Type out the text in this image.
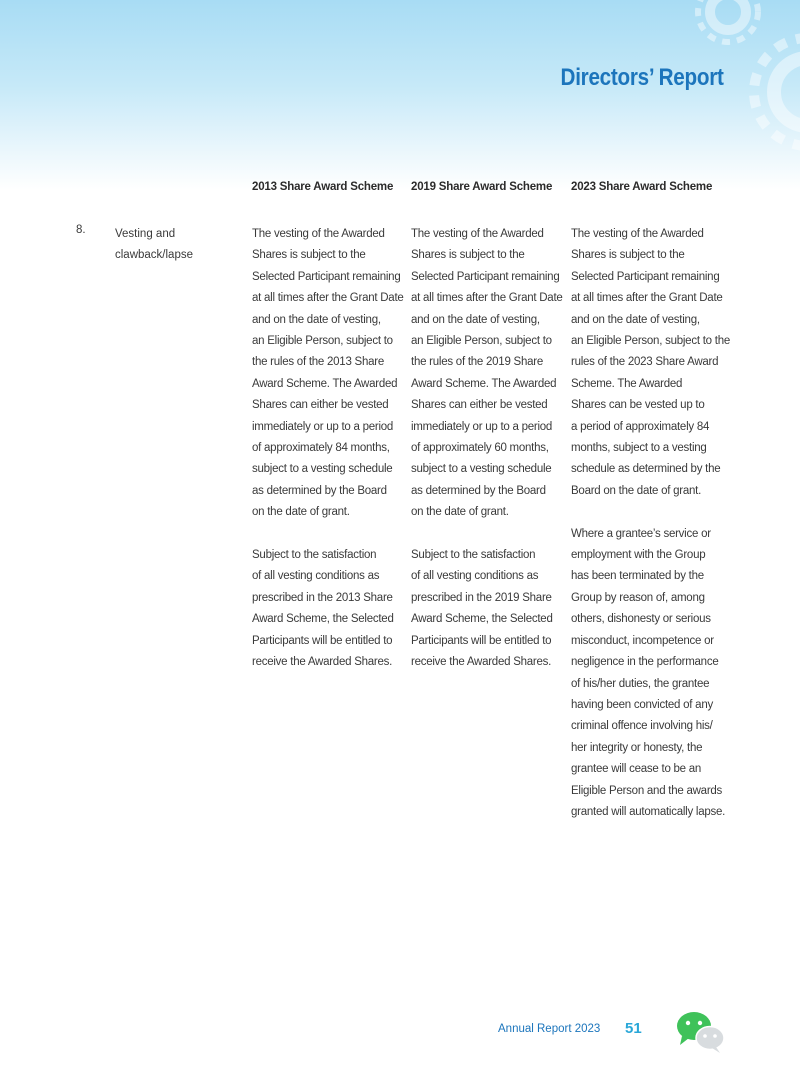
Directors’ Report
2013 Share Award Scheme 2019 Share Award Scheme 2023 Share Award Scheme
8.	Vesting and
clawback/lapse
The vesting of the Awarded
Shares is subject to the
Selected Participant remaining
at all times after the Grant Date
and on the date of vesting,
an Eligible Person, subject to
the rules of the 2013 Share
Award Scheme. The Awarded
Shares can either be vested
immediately or up to a period
of approximately 84 months,
subject to a vesting schedule
as determined by the Board
on the date of grant.
Subject to the satisfaction
of all vesting conditions as
prescribed in the 2013 Share
Award Scheme, the Selected
Participants will be entitled to
receive the Awarded Shares.
The vesting of the Awarded
Shares is subject to the
Selected Participant remaining
at all times after the Grant Date
and on the date of vesting,
an Eligible Person, subject to
the rules of the 2019 Share
Award Scheme. The Awarded
Shares can either be vested
immediately or up to a period
of approximately 60 months,
subject to a vesting schedule
as determined by the Board
on the date of grant.
Subject to the satisfaction
of all vesting conditions as
prescribed in the 2019 Share
Award Scheme, the Selected
Participants will be entitled to
receive the Awarded Shares.
The vesting of the Awarded
Shares is subject to the
Selected Participant remaining
at all times after the Grant Date
and on the date of vesting,
an Eligible Person, subject to the
rules of the 2023 Share Award
Scheme. The Awarded
Shares can be vested up to
a period of approximately 84
months, subject to a vesting
schedule as determined by the
Board on the date of grant.
Where a grantee’s service or
employment with the Group
has been terminated by the
Group by reason of, among
others, dishonesty or serious
misconduct, incompetence or
negligence in the performance
of his/her duties, the grantee
having been convicted of any
criminal offence involving his/
her integrity or honesty, the
grantee will cease to be an
Eligible Person and the awards
granted will automatically lapse.
Annual Report 2023 51
